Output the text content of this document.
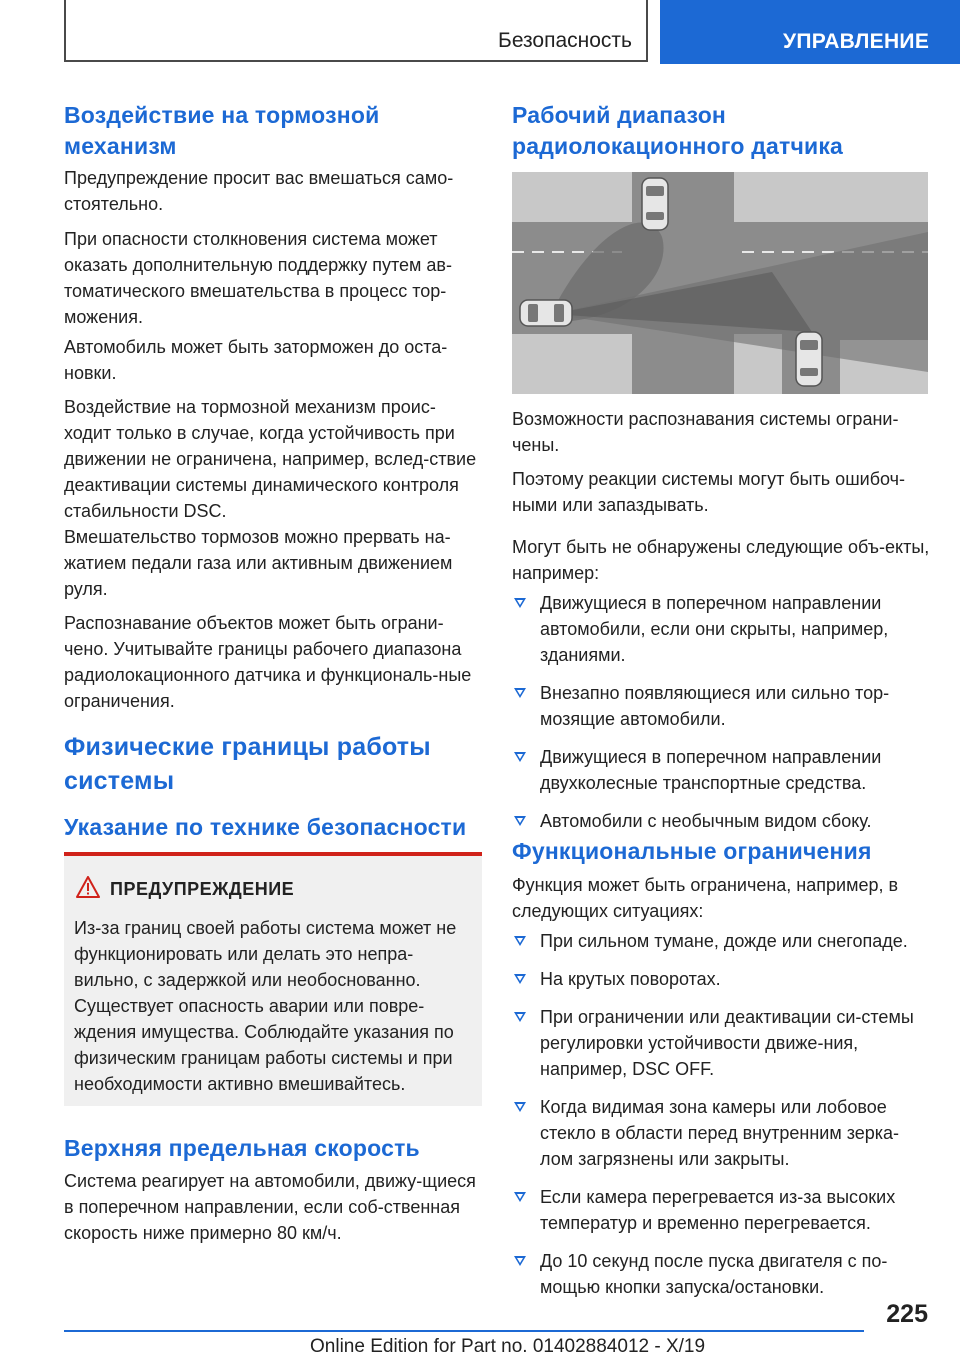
Безопасность	УПРАВЛЕНИЕ
Воздействие на тормозной механизм

Предупреждение просит вас вмешаться само-стоятельно.

При опасности столкновения система может оказать дополнительную поддержку путем ав-томатического вмешательства в процесс тор-можения.

Автомобиль может быть заторможен до оста-новки.

Воздействие на тормозной механизм проис-ходит только в случае, когда устойчивость при движении не ограничена, например, вслед-ствие деактивации системы динамического контроля стабильности DSC.

Вмешательство тормозов можно прервать на-жатием педали газа или активным движением руля.

Распознавание объектов может быть ограни-чено. Учитывайте границы рабочего диапазона радиолокационного датчика и функциональ-ные ограничения.

Физические границы работы системы
Указание по технике безопасности
ПРЕДУПРЕЖДЕНИЕ

Из-за границ своей работы система может не функционировать или делать это непра-вильно, с задержкой или необоснованно. Существует опасность аварии или повре-ждения имущества. Соблюдайте указания по физическим границам работы системы и при необходимости активно вмешивайтесь.

Верхняя предельная скорость

Система реагирует на автомобили, движу-щиеся в поперечном направлении, если соб-ственная скорость ниже примерно 80 км/ч.

Рабочий диапазон радиолокационного датчика

Возможности распознавания системы ограни-чены.

Поэтому реакции системы могут быть ошибоч-ными или запаздывать.

Могут быть не обнаружены следующие объ-екты, например:

Движущиеся в поперечном направлении автомобили, если они скрыты, например, зданиями.
Внезапно появляющиеся или сильно тор-мозящие автомобили.
Движущиеся в поперечном направлении двухколесные транспортные средства.
Автомобили с необычным видом сбоку.
Функциональные ограничения

Функция может быть ограничена, например, в следующих ситуациях:

При сильном тумане, дожде или снегопаде.
На крутых поворотах.
При ограничении или деактивации си-стемы регулировки устойчивости движе-ния, например, DSC OFF.
Когда видимая зона камеры или лобовое стекло в области перед внутренним зерка-лом загрязнены или закрыты.
Если камера перегревается из-за высоких температур и временно перегревается.
До 10 секунд после пуска двигателя с по-мощью кнопки запуска/остановки.
225
Online Edition for Part no. 01402884012 - X/19
